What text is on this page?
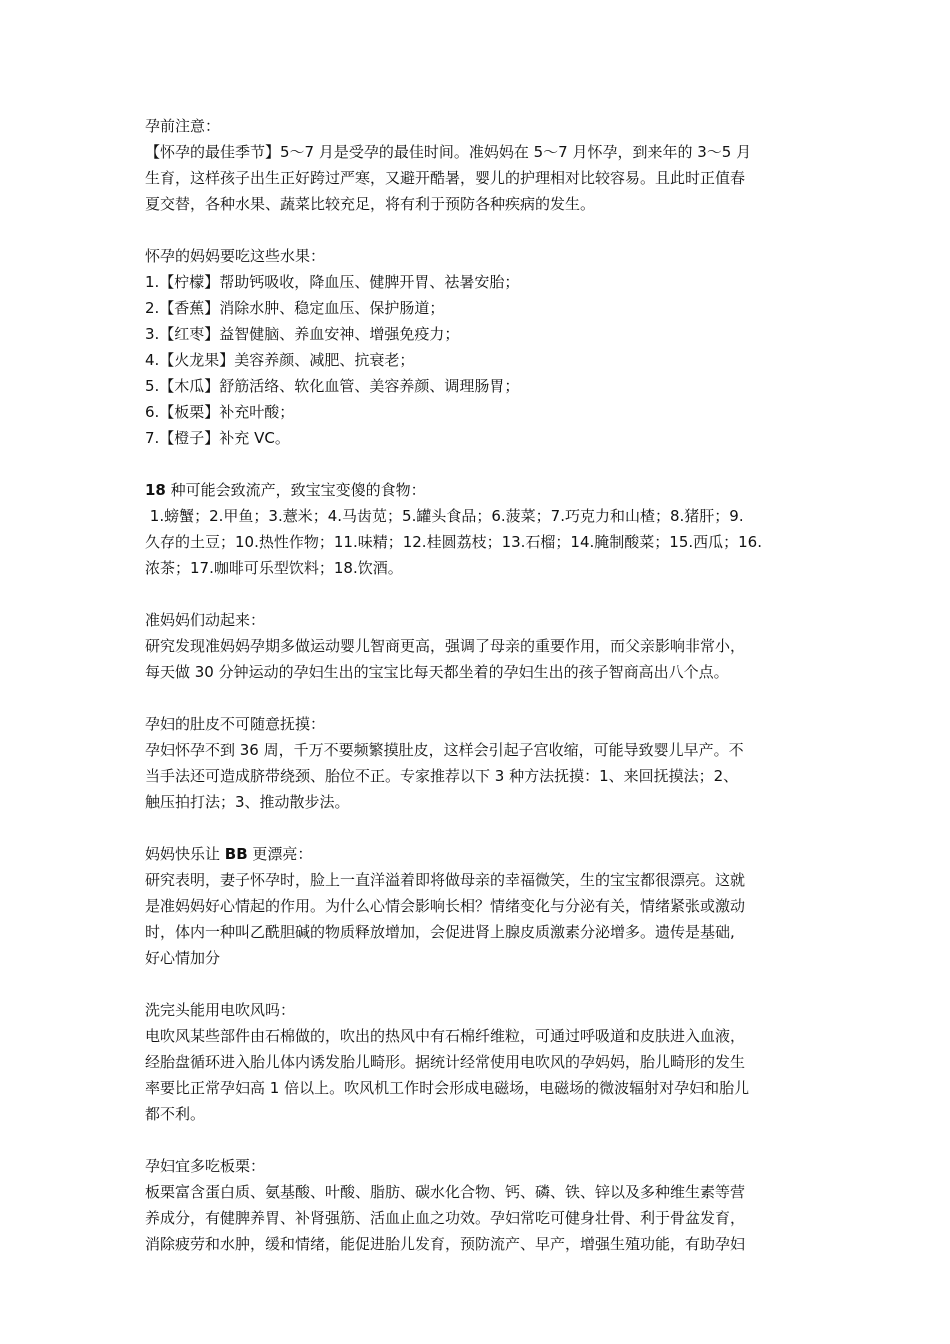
孕前注意：

【怀孕的最佳季节】5～7 月是受孕的最佳时间。准妈妈在 5～7 月怀孕，到来年的 3～5 月

生育，这样孩子出生正好跨过严寒，又避开酷暑，婴儿的护理相对比较容易。且此时正值春

夏交替，各种水果、蔬菜比较充足，将有利于预防各种疾病的发生。

怀孕的妈妈要吃这些水果：

1.【柠檬】帮助钙吸收，降血压、健脾开胃、祛暑安胎；

2.【香蕉】消除水肿、稳定血压、保护肠道；

3.【红枣】益智健脑、养血安神、增强免疫力；

4.【火龙果】美容养颜、减肥、抗衰老；

5.【木瓜】舒筋活络、软化血管、美容养颜、调理肠胃；

6.【板栗】补充叶酸；

7.【橙子】补充 VC。

18 种可能会致流产，致宝宝变傻的食物：

1.螃蟹；2.甲鱼；3.薏米；4.马齿苋；5.罐头食品；6.菠菜；7.巧克力和山楂；8.猪肝；9.

久存的土豆；10.热性作物；11.味精；12.桂圆荔枝；13.石榴；14.腌制酸菜；15.西瓜；16.

浓茶；17.咖啡可乐型饮料；18.饮酒。

准妈妈们动起来：

研究发现准妈妈孕期多做运动婴儿智商更高，强调了母亲的重要作用，而父亲影响非常小，

每天做 30 分钟运动的孕妇生出的宝宝比每天都坐着的孕妇生出的孩子智商高出八个点。

孕妇的肚皮不可随意抚摸：

孕妇怀孕不到 36 周，千万不要频繁摸肚皮，这样会引起子宫收缩，可能导致婴儿早产。不

当手法还可造成脐带绕颈、胎位不正。专家推荐以下 3 种方法抚摸：1、来回抚摸法；2、

触压拍打法；3、推动散步法。

妈妈快乐让 BB 更漂亮：

研究表明，妻子怀孕时，脸上一直洋溢着即将做母亲的幸福微笑，生的宝宝都很漂亮。这就

是准妈妈好心情起的作用。为什么心情会影响长相？情绪变化与分泌有关，情绪紧张或激动

时，体内一种叫乙酰胆碱的物质释放增加，会促进肾上腺皮质激素分泌增多。遗传是基础,

好心情加分

洗完头能用电吹风吗：

电吹风某些部件由石棉做的，吹出的热风中有石棉纤维粒，可通过呼吸道和皮肤进入血液，

经胎盘循环进入胎儿体内诱发胎儿畸形。据统计经常使用电吹风的孕妈妈，胎儿畸形的发生

率要比正常孕妇高 1 倍以上。吹风机工作时会形成电磁场，电磁场的微波辐射对孕妇和胎儿

都不利。

孕妇宜多吃板栗：

板栗富含蛋白质、氨基酸、叶酸、脂肪、碳水化合物、钙、磷、铁、锌以及多种维生素等营

养成分，有健脾养胃、补肾强筋、活血止血之功效。孕妇常吃可健身壮骨、利于骨盆发育，

消除疲劳和水肿，缓和情绪，能促进胎儿发育，预防流产、早产，增强生殖功能，有助孕妇
